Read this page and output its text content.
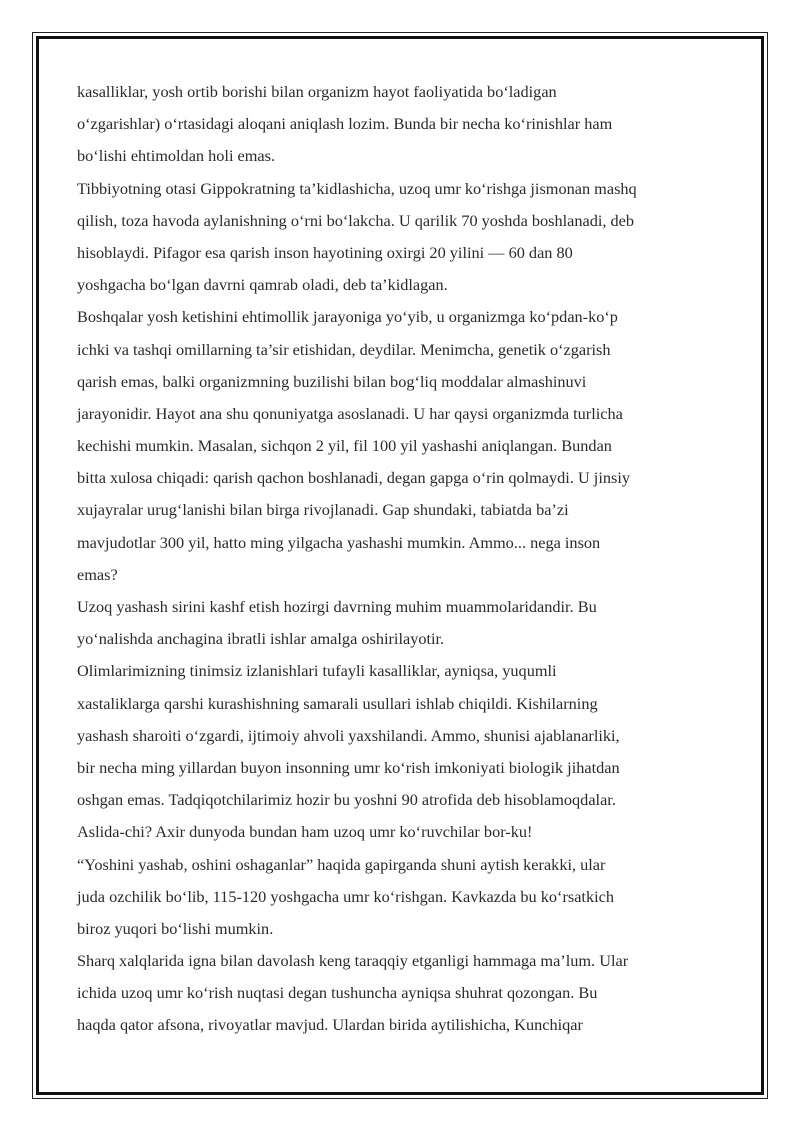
kasalliklar, yosh ortib borishi bilan organizm hayot faoliyatida bo‘ladigan
o‘zgarishlar) o‘rtasidagi aloqani aniqlash lozim. Bunda bir necha ko‘rinishlar ham
bo‘lishi ehtimoldan holi emas.
Tibbiyotning otasi Gippokratning ta’kidlashicha, uzoq umr ko‘rishga jismonan mashq
qilish, toza havoda aylanishning o‘rni bo‘lakcha. U qarilik 70 yoshda boshlanadi, deb
hisoblaydi. Pifagor esa qarish inson hayotining oxirgi 20 yilini — 60 dan 80
yoshgacha bo‘lgan davrni qamrab oladi, deb ta’kidlagan.
Boshqalar yosh ketishini ehtimollik jarayoniga yo‘yib, u organizmga ko‘pdan-ko‘p
ichki va tashqi omillarning ta’sir etishidan, deydilar. Menimcha, genetik o‘zgarish
qarish emas, balki organizmning buzilishi bilan bog‘liq moddalar almashinuvi
jarayonidir. Hayot ana shu qonuniyatga asoslanadi. U har qaysi organizmda turlicha
kechishi mumkin. Masalan, sichqon 2 yil, fil 100 yil yashashi aniqlangan. Bundan
bitta xulosa chiqadi: qarish qachon boshlanadi, degan gapga o‘rin qolmaydi. U jinsiy
xujayralar urug‘lanishi bilan birga rivojlanadi. Gap shundaki, tabiatda ba’zi
mavjudotlar 300 yil, hatto ming yilgacha yashashi mumkin. Ammo... nega inson
emas?
Uzoq yashash sirini kashf etish hozirgi davrning muhim muammolaridandir. Bu
yo‘nalishda anchagina ibratli ishlar amalga oshirilayotir.
Olimlarimizning tinimsiz izlanishlari tufayli kasalliklar, ayniqsa, yuqumli
xastaliklarga qarshi kurashishning samarali usullari ishlab chiqildi. Kishilarning
yashash sharoiti o‘zgardi, ijtimoiy ahvoli yaxshilandi. Ammo, shunisi ajablanarliki,
bir necha ming yillardan buyon insonning umr ko‘rish imkoniyati biologik jihatdan
oshgan emas. Tadqiqotchilarimiz hozir bu yoshni 90 atrofida deb hisoblamoqdalar.
Aslida-chi? Axir dunyoda bundan ham uzoq umr ko‘ruvchilar bor-ku!
“Yoshini yashab, oshini oshaganlar” haqida gapirganda shuni aytish kerakki, ular
juda ozchilik bo‘lib, 115-120 yoshgacha umr ko‘rishgan. Kavkazda bu ko‘rsatkich
biroz yuqori bo‘lishi mumkin.
Sharq xalqlarida igna bilan davolash keng taraqqiy etganligi hammaga ma’lum. Ular
ichida uzoq umr ko‘rish nuqtasi degan tushuncha ayniqsa shuhrat qozongan. Bu
haqda qator afsona, rivoyatlar mavjud. Ulardan birida aytilishicha, Kunchiqar
